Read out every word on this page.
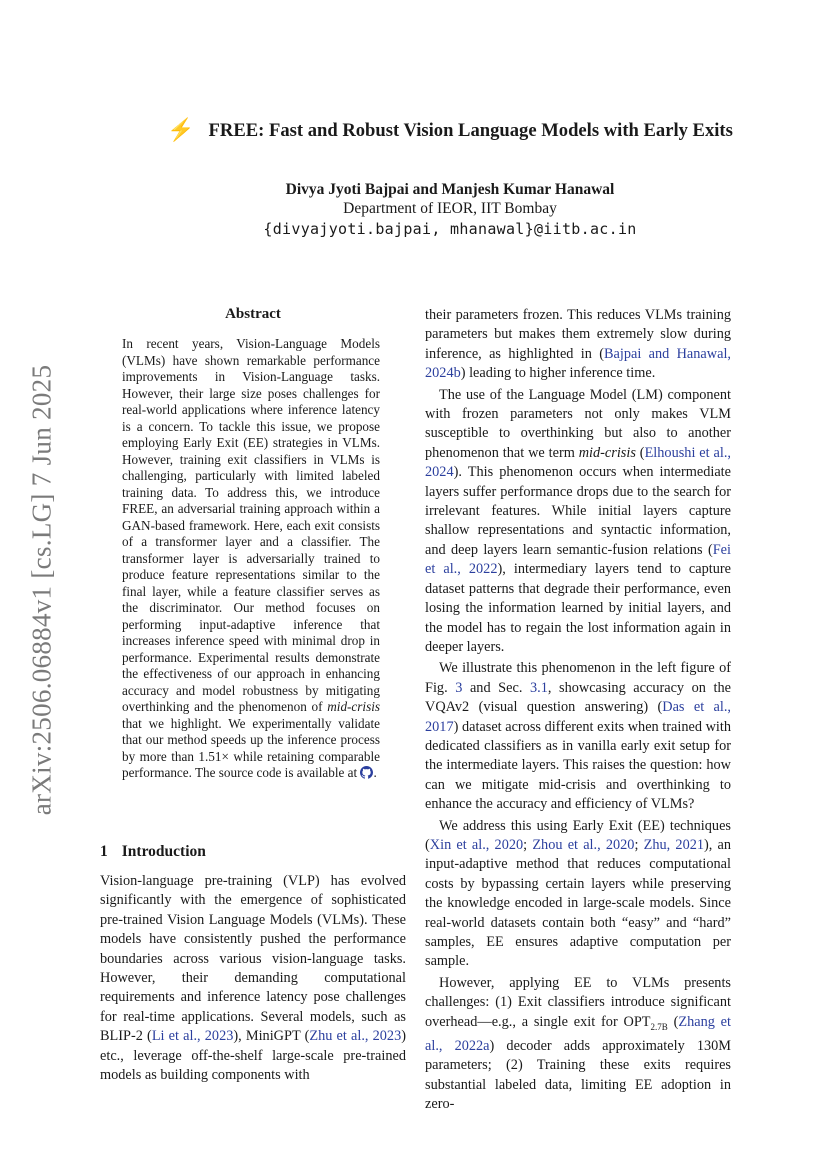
arXiv:2506.06884v1 [cs.LG] 7 Jun 2025
⚡ FREE: Fast and Robust Vision Language Models with Early Exits
Divya Jyoti Bajpai and Manjesh Kumar Hanawal
Department of IEOR, IIT Bombay
{divyajyoti.bajpai, mhanawal}@iitb.ac.in
Abstract

In recent years, Vision-Language Models (VLMs) have shown remarkable performance improvements in Vision-Language tasks. However, their large size poses challenges for real-world applications where inference latency is a concern. To tackle this issue, we propose employing Early Exit (EE) strategies in VLMs. However, training exit classifiers in VLMs is challenging, particularly with limited labeled training data. To address this, we introduce FREE, an adversarial training approach within a GAN-based framework. Here, each exit consists of a transformer layer and a classifier. The transformer layer is adversarially trained to produce feature representations similar to the final layer, while a feature classifier serves as the discriminator. Our method focuses on performing input-adaptive inference that increases inference speed with minimal drop in performance. Experimental results demonstrate the effectiveness of our approach in enhancing accuracy and model robustness by mitigating overthinking and the phenomenon of mid-crisis that we highlight. We experimentally validate that our method speeds up the inference process by more than 1.51× while retaining comparable performance. The source code is available at .

1 Introduction

Vision-language pre-training (VLP) has evolved significantly with the emergence of sophisticated pre-trained Vision Language Models (VLMs). These models have consistently pushed the performance boundaries across various vision-language tasks. However, their demanding computational requirements and inference latency pose challenges for real-time applications. Several models, such as BLIP-2 (Li et al., 2023), MiniGPT (Zhu et al., 2023) etc., leverage off-the-shelf large-scale pre-trained models as building components with

their parameters frozen. This reduces VLMs training parameters but makes them extremely slow during inference, as highlighted in (Bajpai and Hanawal, 2024b) leading to higher inference time.

The use of the Language Model (LM) component with frozen parameters not only makes VLM susceptible to overthinking but also to another phenomenon that we term mid-crisis (Elhoushi et al., 2024). This phenomenon occurs when intermediate layers suffer performance drops due to the search for irrelevant features. While initial layers capture shallow representations and syntactic information, and deep layers learn semantic-fusion relations (Fei et al., 2022), intermediary layers tend to capture dataset patterns that degrade their performance, even losing the information learned by initial layers, and the model has to regain the lost information again in deeper layers.

We illustrate this phenomenon in the left figure of Fig. 3 and Sec. 3.1, showcasing accuracy on the VQAv2 (visual question answering) (Das et al., 2017) dataset across different exits when trained with dedicated classifiers as in vanilla early exit setup for the intermediate layers. This raises the question: how can we mitigate mid-crisis and overthinking to enhance the accuracy and efficiency of VLMs?

We address this using Early Exit (EE) techniques (Xin et al., 2020; Zhou et al., 2020; Zhu, 2021), an input-adaptive method that reduces computational costs by bypassing certain layers while preserving the knowledge encoded in large-scale models. Since real-world datasets contain both “easy” and “hard” samples, EE ensures adaptive computation per sample.

However, applying EE to VLMs presents challenges: (1) Exit classifiers introduce significant overhead—e.g., a single exit for $OPT_{2.7B}$ (Zhang et al., 2022a) decoder adds approximately 130M parameters; (2) Training these exits requires substantial labeled data, limiting EE adoption in zero-
